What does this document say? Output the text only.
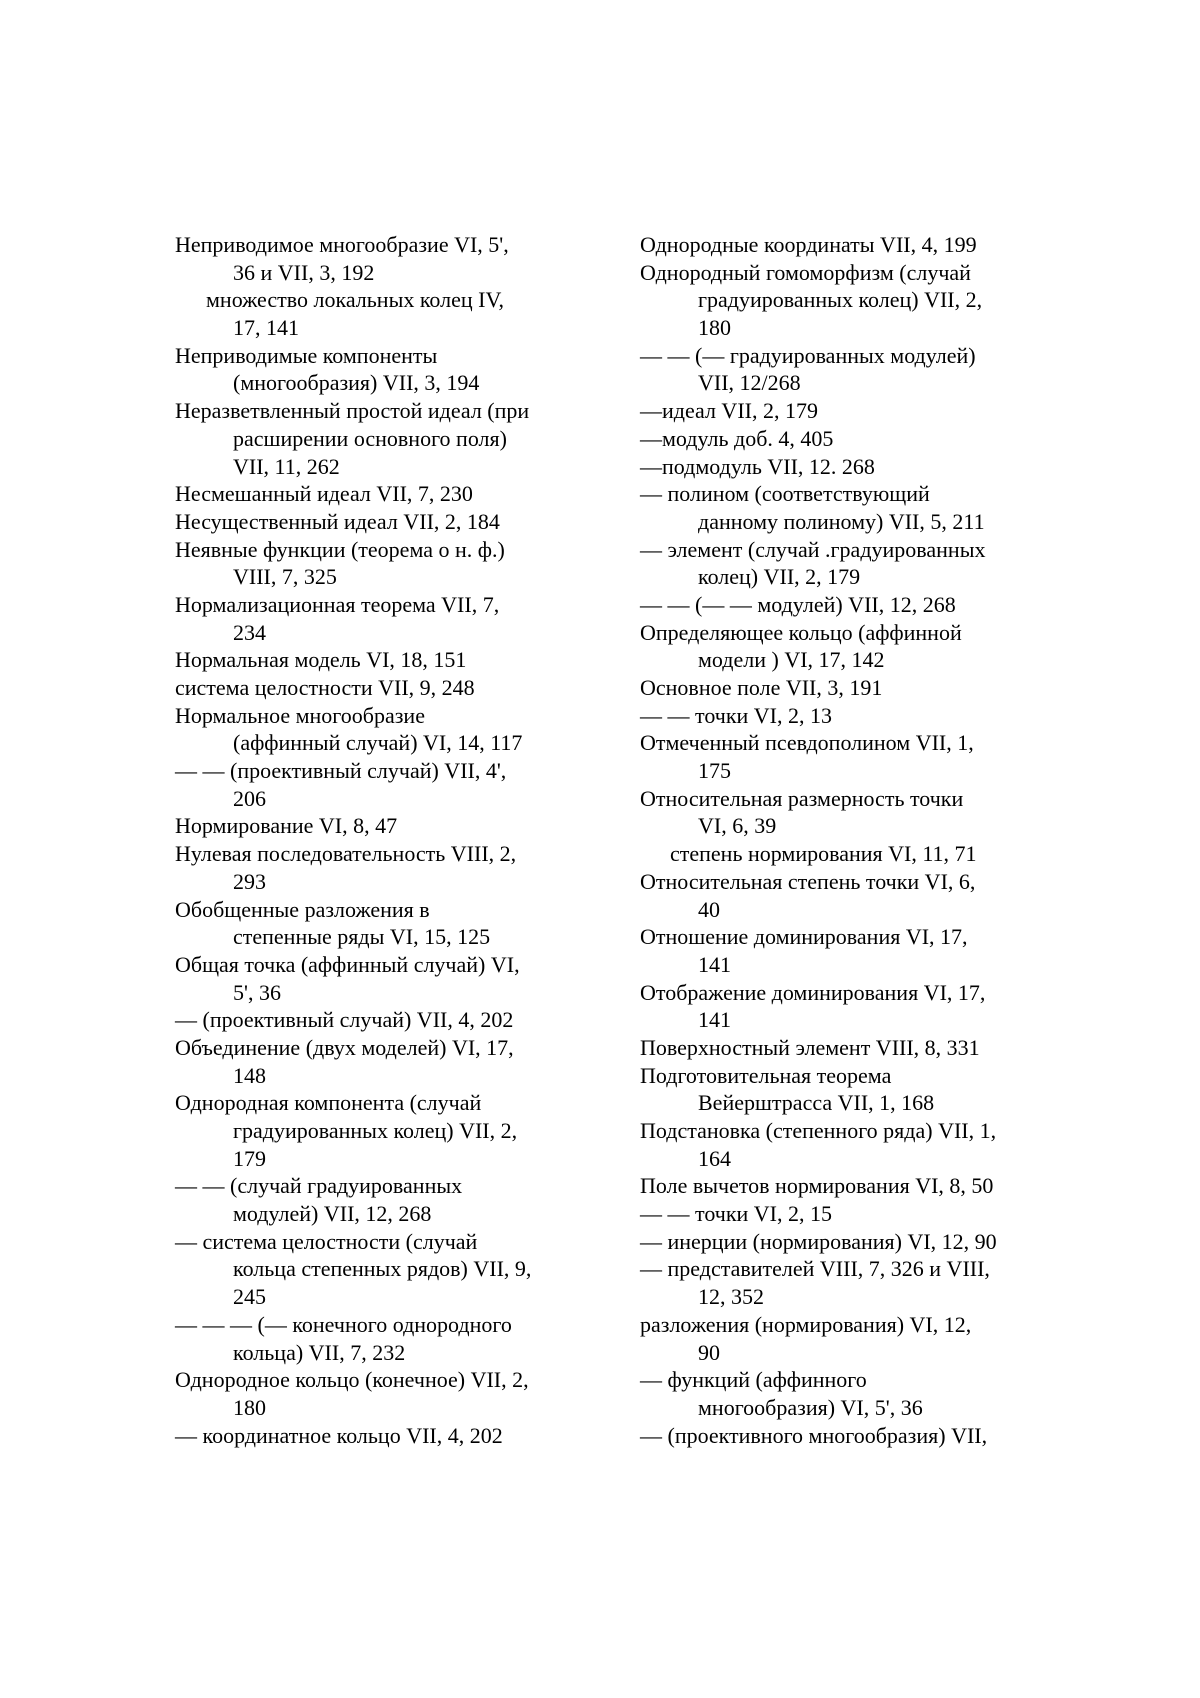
Неприводимое многообразие VI, 5',
36 и VII, 3, 192
множество локальных колец IV,
17, 141
Неприводимые компоненты
(многообразия) VII, 3, 194
Неразветвленный простой идеал (при
расширении основного поля)
VII, 11, 262
Несмешанный идеал VII, 7, 230
Несущественный идеал VII, 2, 184
Неявные функции (теорема о н. ф.)
VIII, 7, 325
Нормализационная теорема VII, 7,
234
Нормальная модель VI, 18, 151
система целостности VII, 9, 248
Нормальное многообразие
(аффинный случай) VI, 14, 117
— — (проективный случай) VII, 4',
206
Нормирование VI, 8, 47
Нулевая последовательность VIII, 2,
293
Обобщенные разложения в
степенные ряды VI, 15, 125
Общая точка (аффинный случай) VI,
5', 36
— (проективный случай) VII, 4, 202
Объединение (двух моделей) VI, 17,
148
Однородная компонента (случай
градуированных колец) VII, 2,
179
— — (случай градуированных
модулей) VII, 12, 268
— система целостности (случай
кольца степенных рядов) VII, 9,
245
— — — (— конечного однородного
кольца) VII, 7, 232
Однородное кольцо (конечное) VII, 2,
180
— координатное кольцо VII, 4, 202
Однородные координаты VII, 4, 199
Однородный гомоморфизм (случай
градуированных колец) VII, 2,
180
— — (— градуированных модулей)
VII, 12/268
—идеал VII, 2, 179
—модуль доб. 4, 405
—подмодуль VII, 12. 268
— полином (соответствующий
данному полиному) VII, 5, 211
— элемент (случай .градуированных
колец) VII, 2, 179
— — (— — модулей) VII, 12, 268
Определяющее кольцо (аффинной
модели ) VI, 17, 142
Основное поле VII, 3, 191
— — точки VI, 2, 13
Отмеченный псевдополином VII, 1,
175
Относительная размерность точки
VI, 6, 39
степень нормирования VI, 11, 71
Относительная степень точки VI, 6,
40
Отношение доминирования VI, 17,
141
Отображение доминирования VI, 17,
141
Поверхностный элемент VIII, 8, 331
Подготовительная теорема
Вейерштрасса VII, 1, 168
Подстановка (степенного ряда) VII, 1,
164
Поле вычетов нормирования VI, 8, 50
— — точки VI, 2, 15
— инерции (нормирования) VI, 12, 90
— представителей VIII, 7, 326 и VIII,
12, 352
разложения (нормирования) VI, 12,
90
— функций (аффинного
многообразия) VI, 5', 36
— (проективного многообразия) VII,
